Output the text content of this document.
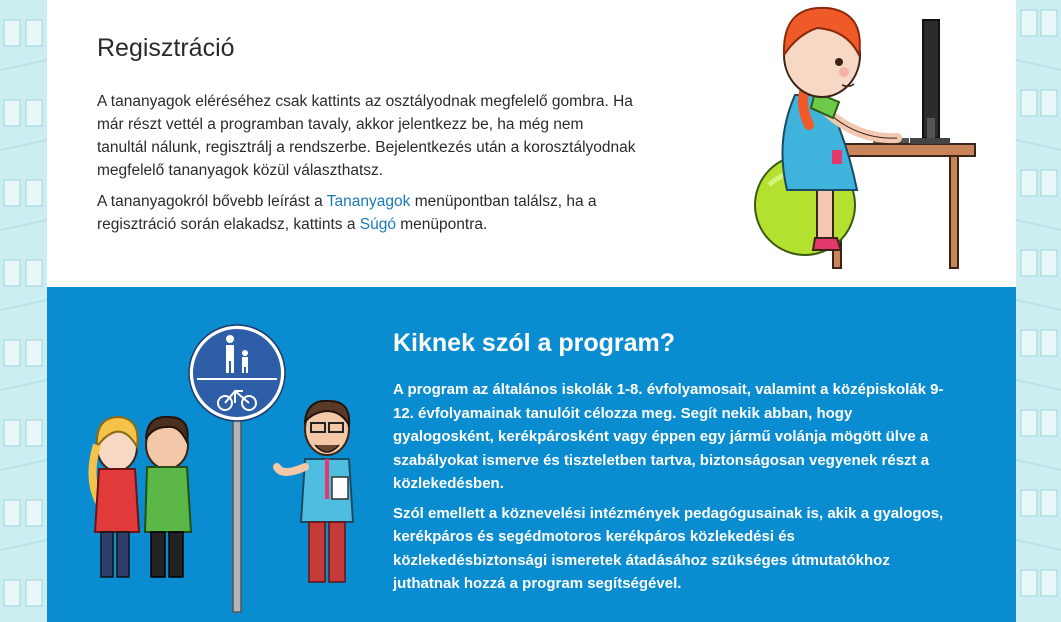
Regisztráció

A tananyagok eléréséhez csak kattints az osztályodnak megfelelő gombra. Ha már részt vettél a programban tavaly, akkor jelentkezz be, ha még nem tanultál nálunk, regisztrálj a rendszerbe. Bejelentkezés után a korosztályodnak megfelelő tananyagok közül választhatsz.

A tananyagokról bővebb leírást a Tananyagok menüpontban találsz, ha a regisztráció során elakadsz, kattints a Súgó menüpontra.

Kiknek szól a program?

A program az általános iskolák 1-8. évfolyamosait, valamint a középiskolák 9-12. évfolyamainak tanulóit célozza meg. Segít nekik abban, hogy gyalogosként, kerékpárosként vagy éppen egy jármű volánja mögött ülve a szabályokat ismerve és tiszteletben tartva, biztonságosan vegyenek részt a közlekedésben.

Szól emellett a köznevelési intézmények pedagógusainak is, akik a gyalogos, kerékpáros és segédmotoros kerékpáros közlekedési és közlekedésbiztonsági ismeretek átadásához szükséges útmutatókhoz juthatnak hozzá a program segítségével.
